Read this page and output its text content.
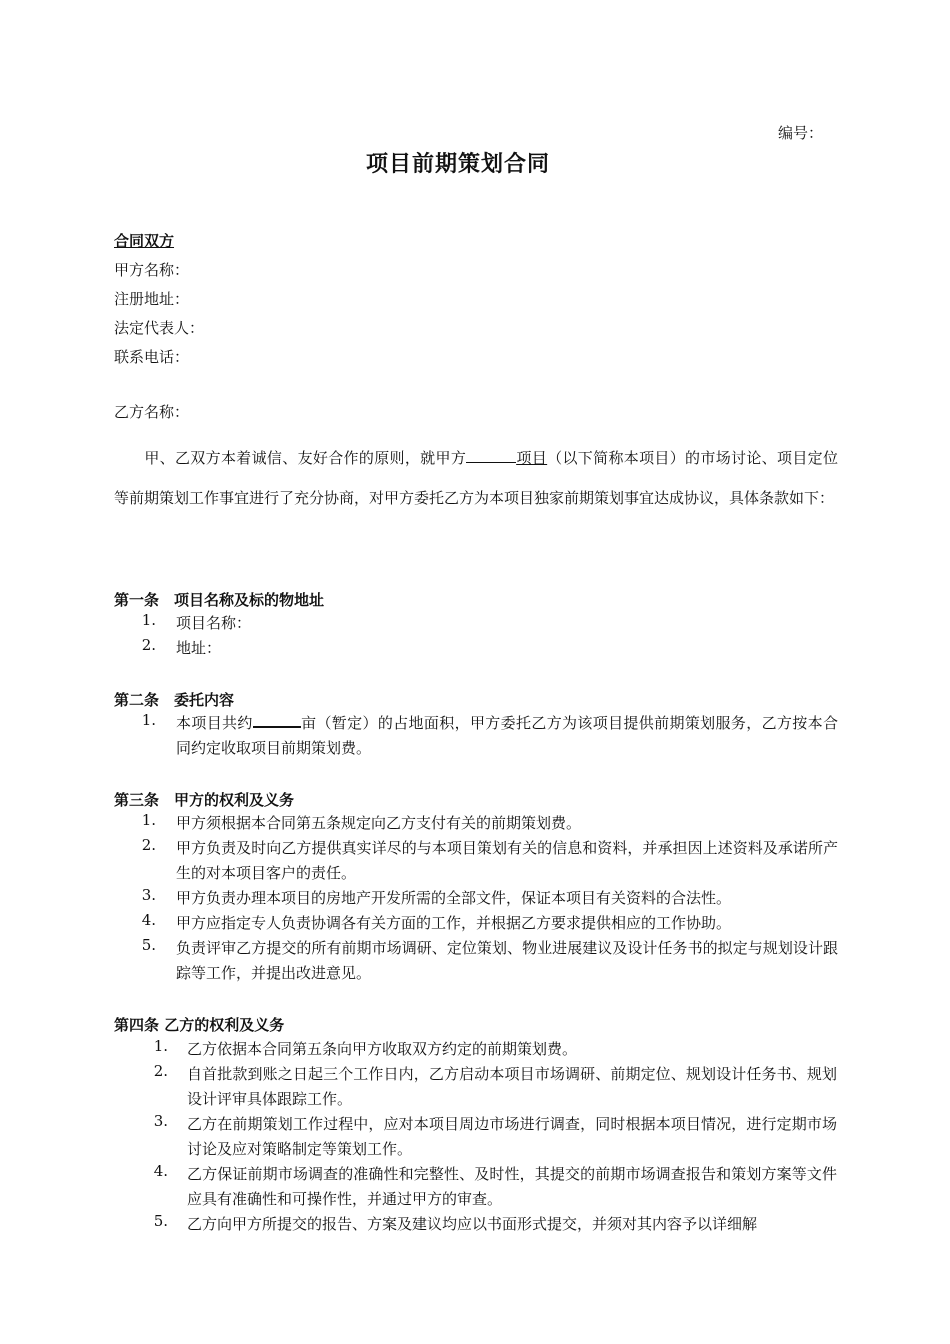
编号：
项目前期策划合同
合同双方
甲方名称：
注册地址：
法定代表人：
联系电话：
乙方名称：
甲、乙双方本着诚信、友好合作的原则，就甲方	项目（以下简称本项目）的市场讨论、项目定位等前期策划工作事宜进行了充分协商，对甲方委托乙方为本项目独家前期策划事宜达成协议，具体条款如下：
第一条　项目名称及标的物地址
1. 项目名称：
2. 地址：
第二条　委托内容
1. 本项目共约	亩（暂定）的占地面积，甲方委托乙方为该项目提供前期策划服务，乙方按本合同约定收取项目前期策划费。
第三条　甲方的权利及义务
1. 甲方须根据本合同第五条规定向乙方支付有关的前期策划费。
2. 甲方负责及时向乙方提供真实详尽的与本项目策划有关的信息和资料，并承担因上述资料及承诺所产生的对本项目客户的责任。
3. 甲方负责办理本项目的房地产开发所需的全部文件，保证本项目有关资料的合法性。
4. 甲方应指定专人负责协调各有关方面的工作，并根据乙方要求提供相应的工作协助。
5. 负责评审乙方提交的所有前期市场调研、定位策划、物业进展建议及设计任务书的拟定与规划设计跟踪等工作，并提出改进意见。
第四条 乙方的权利及义务
1. 乙方依据本合同第五条向甲方收取双方约定的前期策划费。
2. 自首批款到账之日起三个工作日内，乙方启动本项目市场调研、前期定位、规划设计任务书、规划设计评审具体跟踪工作。
3. 乙方在前期策划工作过程中，应对本项目周边市场进行调查，同时根据本项目情况，进行定期市场讨论及应对策略制定等策划工作。
4. 乙方保证前期市场调查的准确性和完整性、及时性，其提交的前期市场调查报告和策划方案等文件应具有准确性和可操作性，并通过甲方的审查。
5. 乙方向甲方所提交的报告、方案及建议均应以书面形式提交，并须对其内容予以详细解
